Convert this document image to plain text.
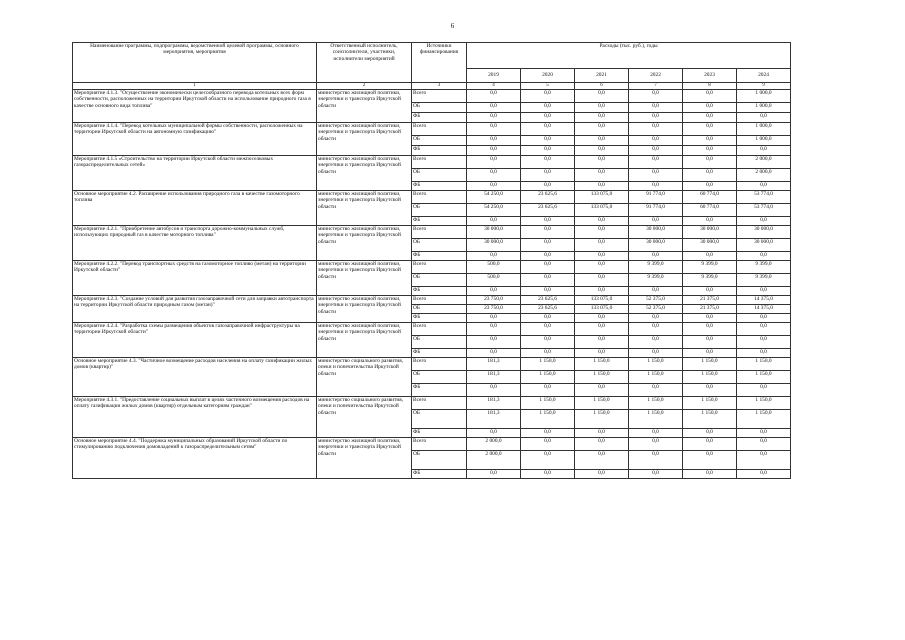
6
Наименование программы, подпрограммы, ведомственной целевой программы, основного мероприятия, мероприятия	Ответственный исполнитель, соисполнители, участники, исполнители мероприятий	Источники финансирования	Расходы (тыс. руб.), годы					
			2019	2020	2021	2022	2023	2024
1	2	3	4	5	6	7	8	9
Мероприятие 4.1.3. "Осуществление экономически целесообразного перевода котельных всех форм собственности, расположенных на территории Иркутской области на использование природного газа в качестве основного вида топлива"	министерство жилищной политики, энергетики и транспорта Иркутской области	Всего	0,0	0,0	0,0	0,0	0,0	1 000,0
		ОБ	0,0	0,0	0,0	0,0	0,0	1 000,0
		ФБ	0,0	0,0	0,0	0,0	0,0	0,0
Мероприятие 4.1.4. "Перевод котельных муниципальной формы собственности, расположенных на территории Иркутской области на автономную газификацию"	министерство жилищной политики, энергетики и транспорта Иркутской области	Всего	0,0	0,0	0,0	0,0	0,0	1 000,0
		ОБ	0,0	0,0	0,0	0,0	0,0	1 000,0
		ФБ	0,0	0,0	0,0	0,0	0,0	0,0
Мероприятие 4.1.5 «Строительство на территории Иркутской области межпоселковых газораспределительных сетей»	министерство жилищной политики, энергетики и транспорта Иркутской области	Всего	0,0	0,0	0,0	0,0	0,0	2 000,0
		ОБ	0,0	0,0	0,0	0,0	0,0	2 000,0
		ФБ	0,0	0,0	0,0	0,0	0,0	0,0
Основное мероприятие 4.2. Расширение использования природного газа в качестве газомоторного топлива	министерство жилищной политики, энергетики и транспорта Иркутской области	Всего	54 250,0	23 625,6	133 075,0	91 774,0	60 774,0	53 774,0
		ОБ	54 250,0	23 625,6	133 075,0	91 774,0	60 774,0	53 774,0
		ФБ	0,0	0,0	0,0	0,0	0,0	0,0
Мероприятие 4.2.1. "Приобретение автобусов и транспорта дорожно-коммунальных служб, использующих природный газ в качестве моторного топлива"	министерство жилищной политики, энергетики и транспорта Иркутской области	Всего	30 000,0	0,0	0,0	30 000,0	30 000,0	30 000,0
		ОБ	30 000,0	0,0	0,0	30 000,0	30 000,0	30 000,0
		ФБ	0,0	0,0	0,0	0,0	0,0	0,0
Мероприятие 4.2.2. "Перевод транспортных средств на газомоторное топливо (метан) на территории Иркутской области"	министерство жилищной политики, энергетики и транспорта Иркутской области	Всего	500,0	0,0	0,0	9 399,0	9 399,0	9 399,0
		ОБ	500,0	0,0	0,0	9 399,0	9 399,0	9 399,0
		ФБ	0,0	0,0	0,0	0,0	0,0	0,0
Мероприятие 4.2.3. "Создание условий для развития газозаправочной сети для заправки автотранспорта на территории Иркутской области природным газом (метан)"	министерство жилищной политики, энергетики и транспорта Иркутской области	Всего	23 750,0	23 625,6	133 075,0	52 375,0	21 375,0	14 375,0
		ОБ	23 750,0	23 625,6	133 075,0	52 375,0	21 375,0	14 375,0
		ФБ	0,0	0,0	0,0	0,0	0,0	0,0
Мероприятие 4.2.4. "Разработка схемы размещения объектов газозаправочной инфраструктуры на территории Иркутской области"	министерство жилищной политики, энергетики и транспорта Иркутской области	Всего	0,0	0,0	0,0	0,0	0,0	0,0
		ОБ	0,0	0,0	0,0	0,0	0,0	0,0
		ФБ	0,0	0,0	0,0	0,0	0,0	0,0
Основное мероприятие 4.3. "Частичное возмещение расходов населения на оплату газификации жилых домов (квартир)"	министерство социального развития, опеки и попечительства Иркутской области	Всего	181,3	1 150,0	1 150,0	1 150,0	1 150,0	1 150,0
		ОБ	181,3	1 150,0	1 150,0	1 150,0	1 150,0	1 150,0
		ФБ	0,0	0,0	0,0	0,0	0,0	0,0
Мероприятие 4.3.1. "Предоставление социальных выплат в целях частичного возмещения расходов на оплату газификации жилых домов (квартир) отдельным категориям граждан"	министерство социального развития, опеки и попечительства Иркутской области	Всего	181,3	1 150,0	1 150,0	1 150,0	1 150,0	1 150,0
		ОБ	181,3	1 150,0	1 150,0	1 150,0	1 150,0	1 150,0
		ФБ	0,0	0,0	0,0	0,0	0,0	0,0
Основное мероприятие 4.4. "Поддержка муниципальных образований Иркутской области по стимулированию подключения домовладений к газораспределительным сетям"	министерство жилищной политики, энергетики и транспорта Иркутской области	Всего	2 000,0	0,0	0,0	0,0	0,0	0,0
		ОБ	2 000,0	0,0	0,0	0,0	0,0	0,0
		ФБ	0,0	0,0	0,0	0,0	0,0	0,0
